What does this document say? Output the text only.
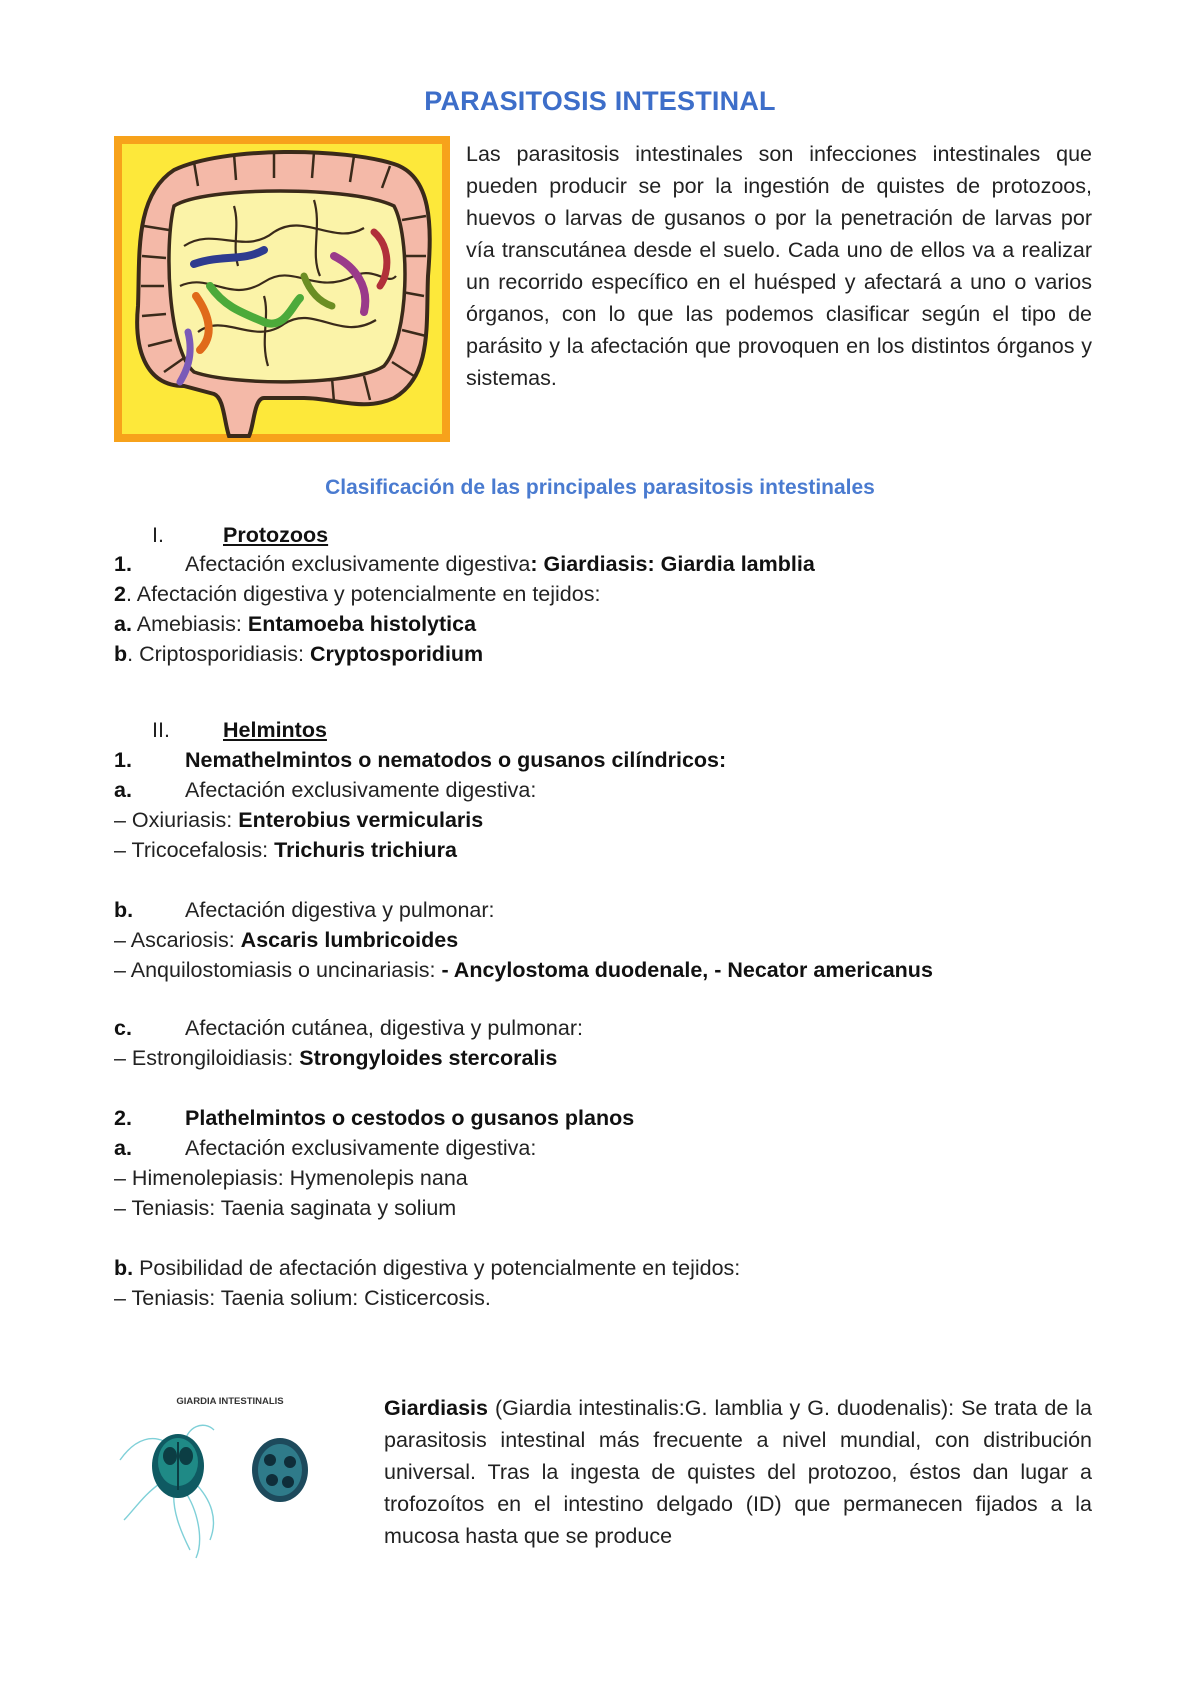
PARASITOSIS INTESTINAL
Las parasitosis intestinales son infecciones intestinales que pueden producir se por la ingestión de quistes de protozoos, huevos o larvas de gusanos o por la penetración de larvas por vía transcutánea desde el suelo. Cada uno de ellos va a realizar un recorrido específico en el huésped y afectará a uno o varios órganos, con lo que las podemos clasificar según el tipo de parásito y la afectación que provoquen en los distintos órganos y sistemas.
Clasificación de las principales parasitosis intestinales
I.	Protozoos
1. Afectación exclusivamente digestiva: Giardiasis: Giardia lamblia
2. Afectación digestiva y potencialmente en tejidos:
a. Amebiasis: Entamoeba histolytica
b. Criptosporidiasis: Cryptosporidium
II. Helmintos
1. Nemathelmintos o nematodos o gusanos cilíndricos:
a. Afectación exclusivamente digestiva:
– Oxiuriasis: Enterobius vermicularis
– Tricocefalosis: Trichuris trichiura
b. Afectación digestiva y pulmonar:
– Ascariosis: Ascaris lumbricoides
– Anquilostomiasis o uncinariasis: - Ancylostoma duodenale, - Necator americanus
c. Afectación cutánea, digestiva y pulmonar:
– Estrongiloidiasis: Strongyloides stercoralis
2. Plathelmintos o cestodos o gusanos planos
a. Afectación exclusivamente digestiva:
– Himenolepiasis: Hymenolepis nana
– Teniasis: Taenia saginata y solium
b. Posibilidad de afectación digestiva y potencialmente en tejidos:
– Teniasis: Taenia solium: Cisticercosis.
GIARDIA INTESTINALIS	Giardiasis (Giardia intestinalis:G. lamblia y G. duodenalis): Se trata de la parasitosis intestinal más frecuente a nivel mundial, con distribución universal. Tras la ingesta de quistes del protozoo, éstos dan lugar a trofozoítos en el intestino delgado (ID) que permanecen fijados a la mucosa hasta que se produce
